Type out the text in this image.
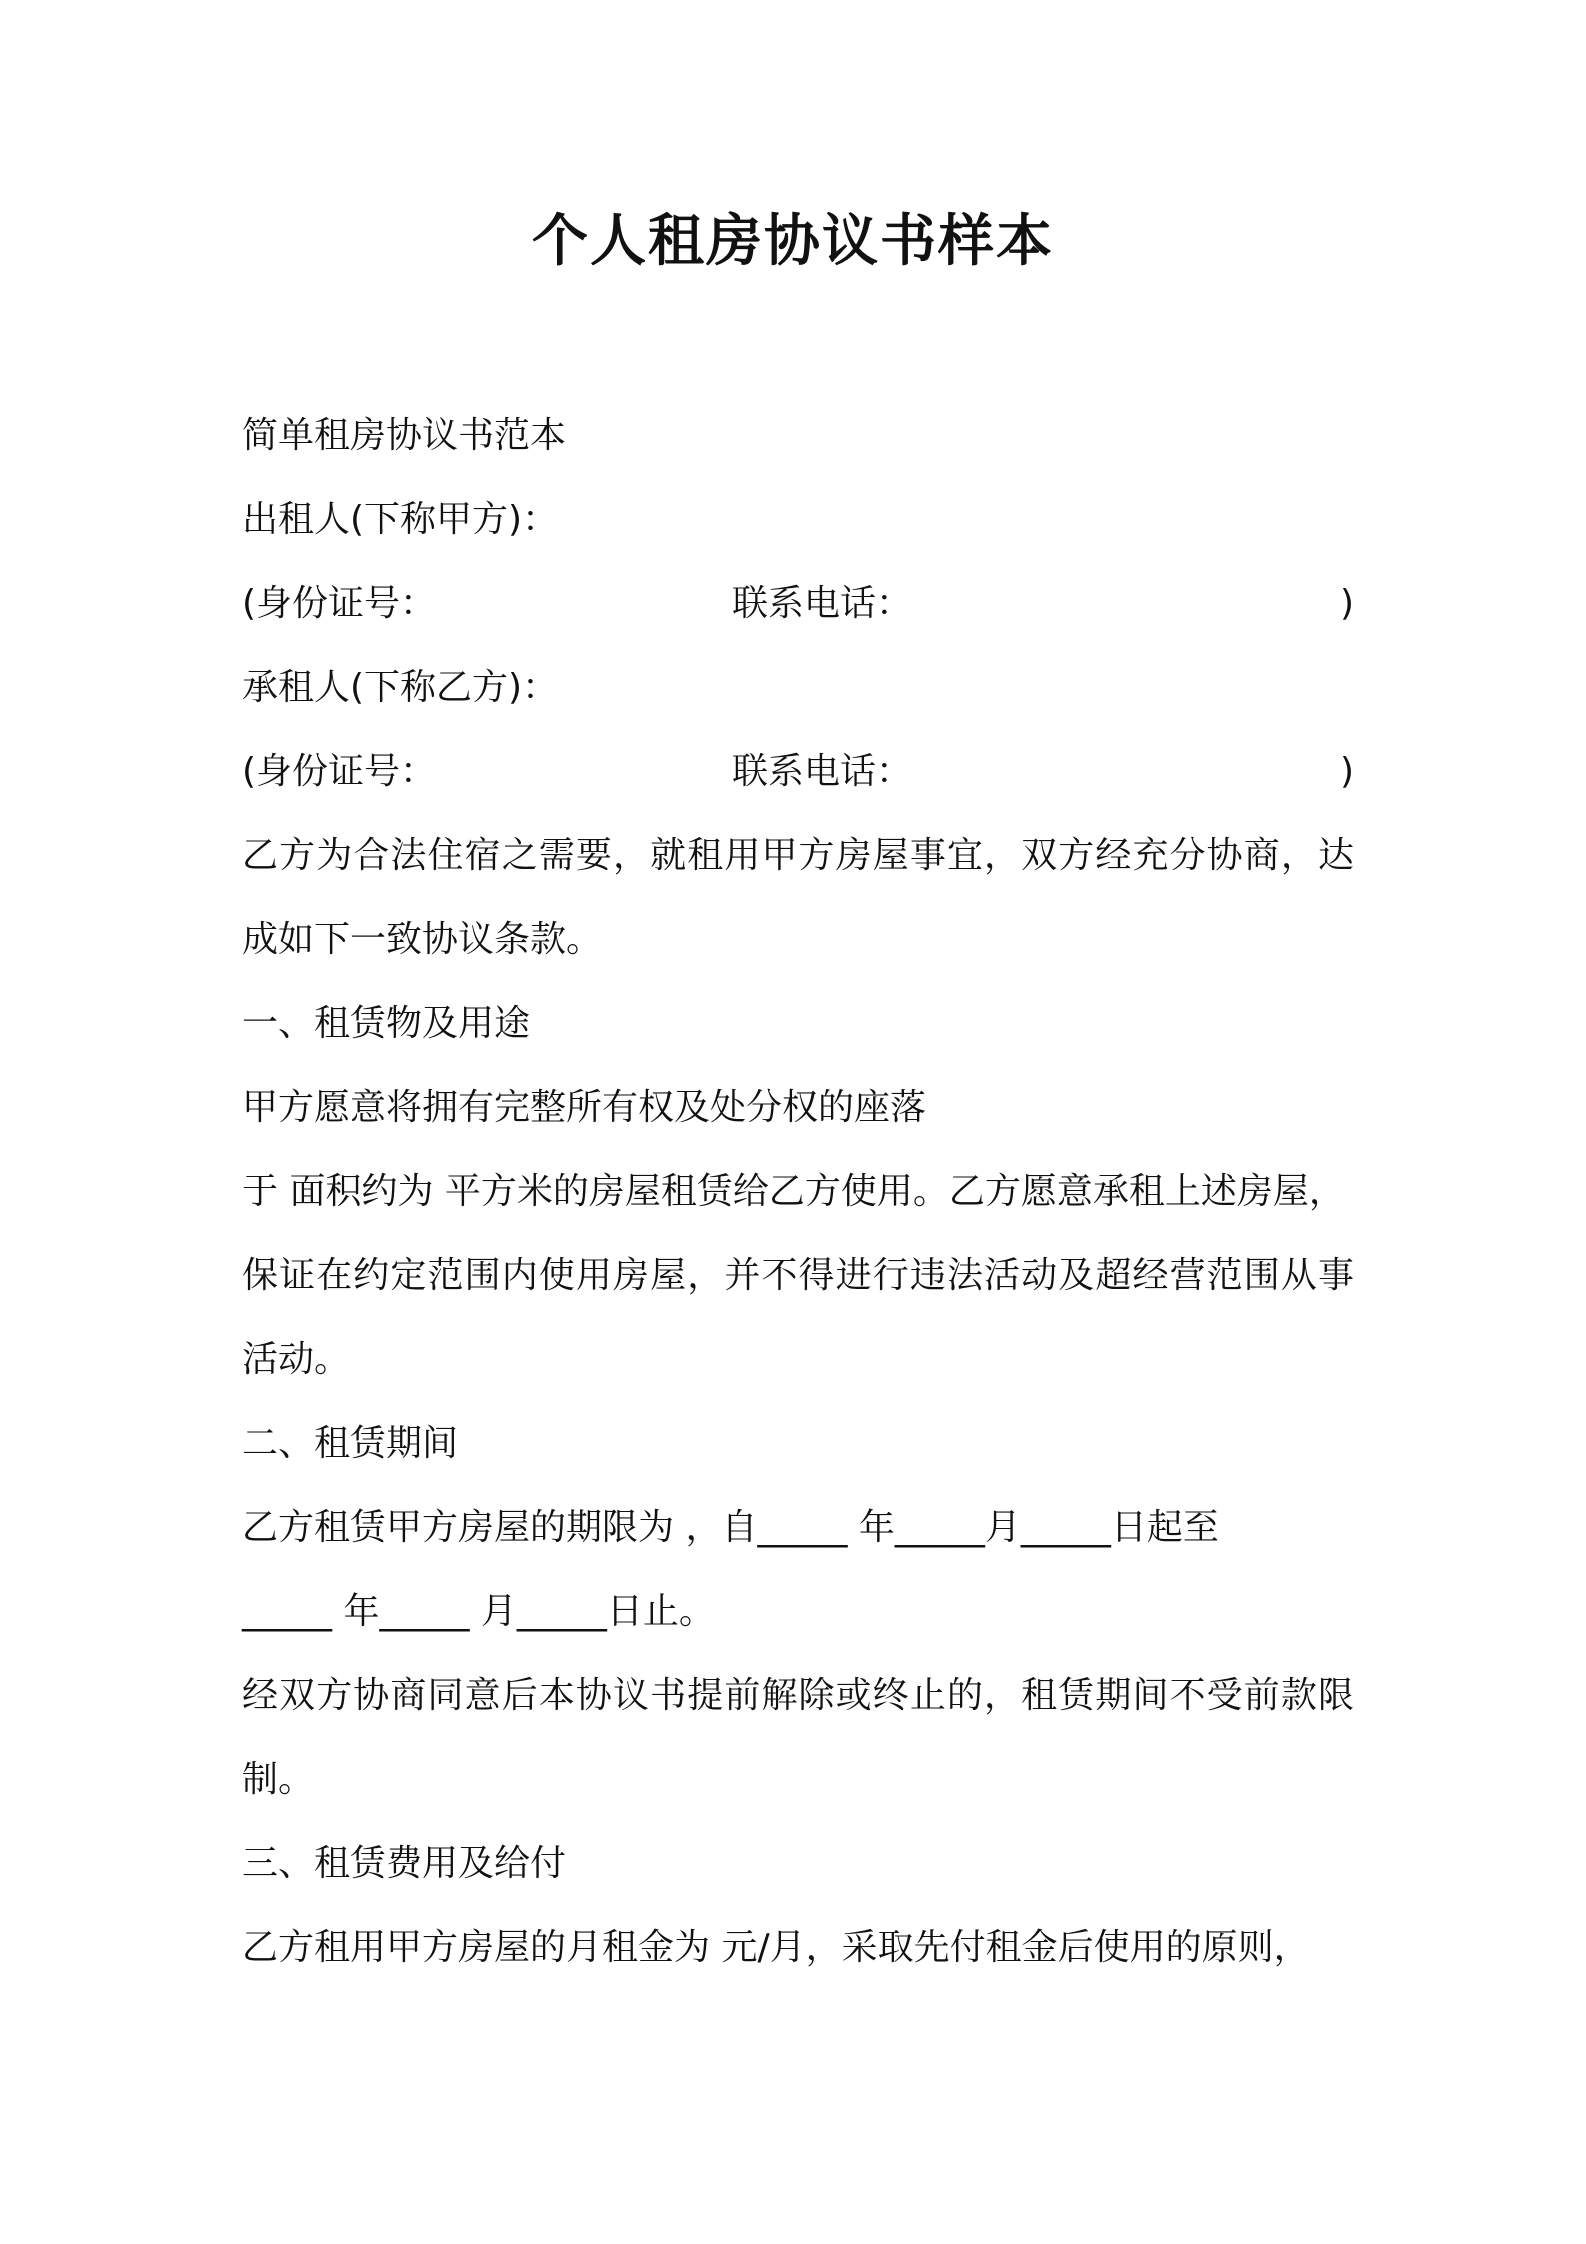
个人租房协议书样本

简单租房协议书范本

出租人(下称甲方)：

(身份证号：	联系电话：	)

承租人(下称乙方)：

(身份证号：	联系电话：	)
乙方为合法住宿之需要，就租用甲方房屋事宜，双方经充分协商，达

成如下一致协议条款。

一、租赁物及用途

甲方愿意将拥有完整所有权及处分权的座落

于 面积约为 平方米的房屋租赁给乙方使用。乙方愿意承租上述房屋，

保证在约定范围内使用房屋，并不得进行违法活动及超经营范围从事

活动。

二、租赁期间

乙方租赁甲方房屋的期限为 ，自_____ 年_____月_____日起至

_____ 年_____ 月_____日止。

经双方协商同意后本协议书提前解除或终止的，租赁期间不受前款限

制。

三、租赁费用及给付

乙方租用甲方房屋的月租金为 元/月，采取先付租金后使用的原则，
